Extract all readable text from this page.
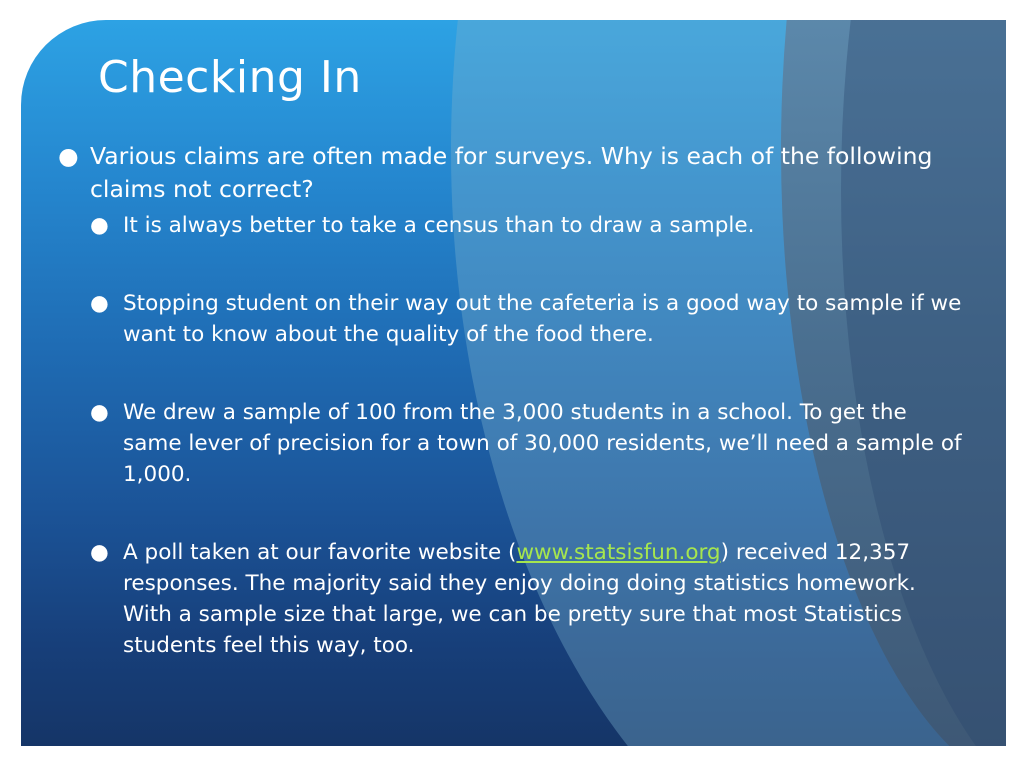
Checking In
● Various claims are often made for surveys. Why is each of the following claims not correct?
● It is always better to take a census than to draw a sample.
● Stopping student on their way out the cafeteria is a good way to sample if we want to know about the quality of the food there.
● We drew a sample of 100 from the 3,000 students in a school. To get the same lever of precision for a town of 30,000 residents, we’ll need a sample of 1,000.
● A poll taken at our favorite website (www.statsisfun.org) received 12,357 responses. The majority said they enjoy doing doing statistics homework. With a sample size that large, we can be pretty sure that most Statistics students feel this way, too.
